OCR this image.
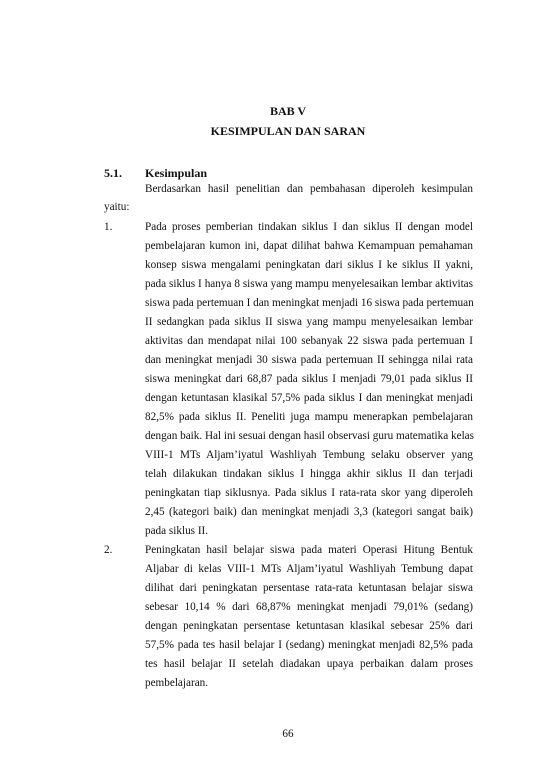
BAB V
KESIMPULAN DAN SARAN
5.1. Kesimpulan
Berdasarkan hasil penelitian dan pembahasan diperoleh kesimpulan
yaitu:
1.	Pada proses pemberian tindakan siklus I dan siklus II dengan model
pembelajaran kumon ini, dapat dilihat bahwa Kemampuan pemahaman
konsep siswa mengalami peningkatan dari siklus I ke siklus II yakni,
pada siklus I hanya 8 siswa yang mampu menyelesaikan lembar aktivitas
siswa pada pertemuan I dan meningkat menjadi 16 siswa pada pertemuan
II sedangkan pada siklus II siswa yang mampu menyelesaikan lembar
aktivitas dan mendapat nilai 100 sebanyak 22 siswa pada pertemuan I
dan meningkat menjadi 30 siswa pada pertemuan II sehingga nilai rata
siswa meningkat dari 68,87 pada siklus I menjadi 79,01 pada siklus II
dengan ketuntasan klasikal 57,5% pada siklus I dan meningkat menjadi
82,5% pada siklus II. Peneliti juga mampu menerapkan pembelajaran
dengan baik. Hal ini sesuai dengan hasil observasi guru matematika kelas
VIII-1 MTs Aljam’iyatul Washliyah Tembung selaku observer yang
telah dilakukan tindakan siklus I hingga akhir siklus II dan terjadi
peningkatan tiap siklusnya. Pada siklus I rata-rata skor yang diperoleh
2,45 (kategori baik) dan meningkat menjadi 3,3 (kategori sangat baik)
pada siklus II.
2.	Peningkatan hasil belajar siswa pada materi Operasi Hitung Bentuk
Aljabar di kelas VIII-1 MTs Aljam’iyatul Washliyah Tembung dapat
dilihat dari peningkatan persentase rata-rata ketuntasan belajar siswa
sebesar 10,14 % dari 68,87% meningkat menjadi 79,01% (sedang)
dengan peningkatan persentase ketuntasan klasikal sebesar 25% dari
57,5% pada tes hasil belajar I (sedang) meningkat menjadi 82,5% pada
tes hasil belajar II setelah diadakan upaya perbaikan dalam proses
pembelajaran.
66
